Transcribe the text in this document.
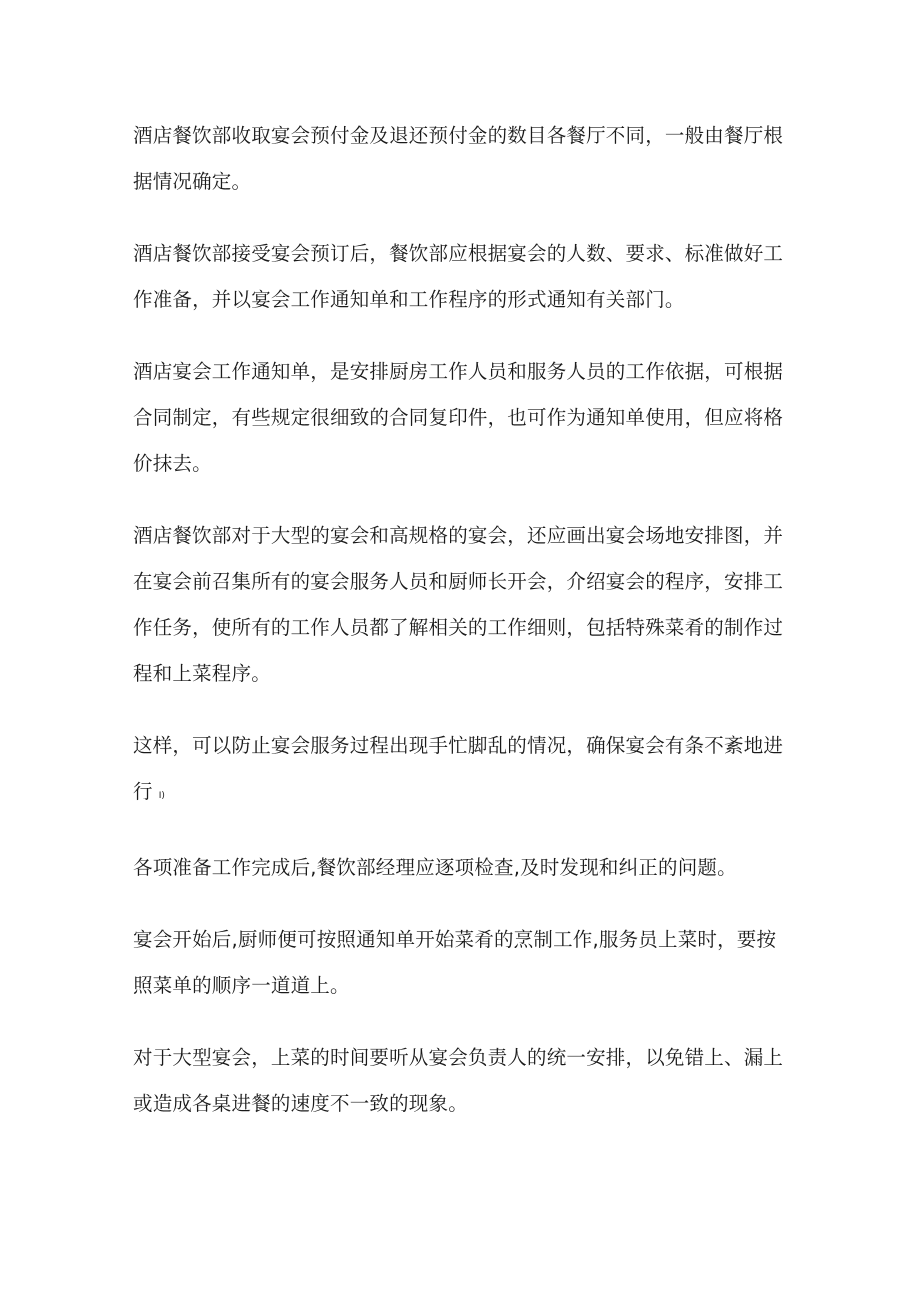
酒店餐饮部收取宴会预付金及退还预付金的数目各餐厅不同，一般由餐厅根
据情况确定。

酒店餐饮部接受宴会预订后，餐饮部应根据宴会的人数、要求、标准做好工
作准备，并以宴会工作通知单和工作程序的形式通知有关部门。

酒店宴会工作通知单，是安排厨房工作人员和服务人员的工作依据，可根据
合同制定，有些规定很细致的合同复印件，也可作为通知单使用，但应将格
价抹去。

酒店餐饮部对于大型的宴会和高规格的宴会，还应画出宴会场地安排图，并
在宴会前召集所有的宴会服务人员和厨师长开会，介绍宴会的程序，安排工
作任务，使所有的工作人员都了解相关的工作细则，包括特殊菜肴的制作过
程和上菜程序。

这样，可以防止宴会服务过程出现手忙脚乱的情况，确保宴会有条不紊地进
行 I)

各项准备工作完成后,餐饮部经理应逐项检查,及时发现和纠正的问题。

宴会开始后,厨师便可按照通知单开始菜肴的烹制工作,服务员上菜时，要按
照菜单的顺序一道道上。

对于大型宴会，上菜的时间要听从宴会负责人的统一安排，以免错上、漏上
或造成各桌进餐的速度不一致的现象。
